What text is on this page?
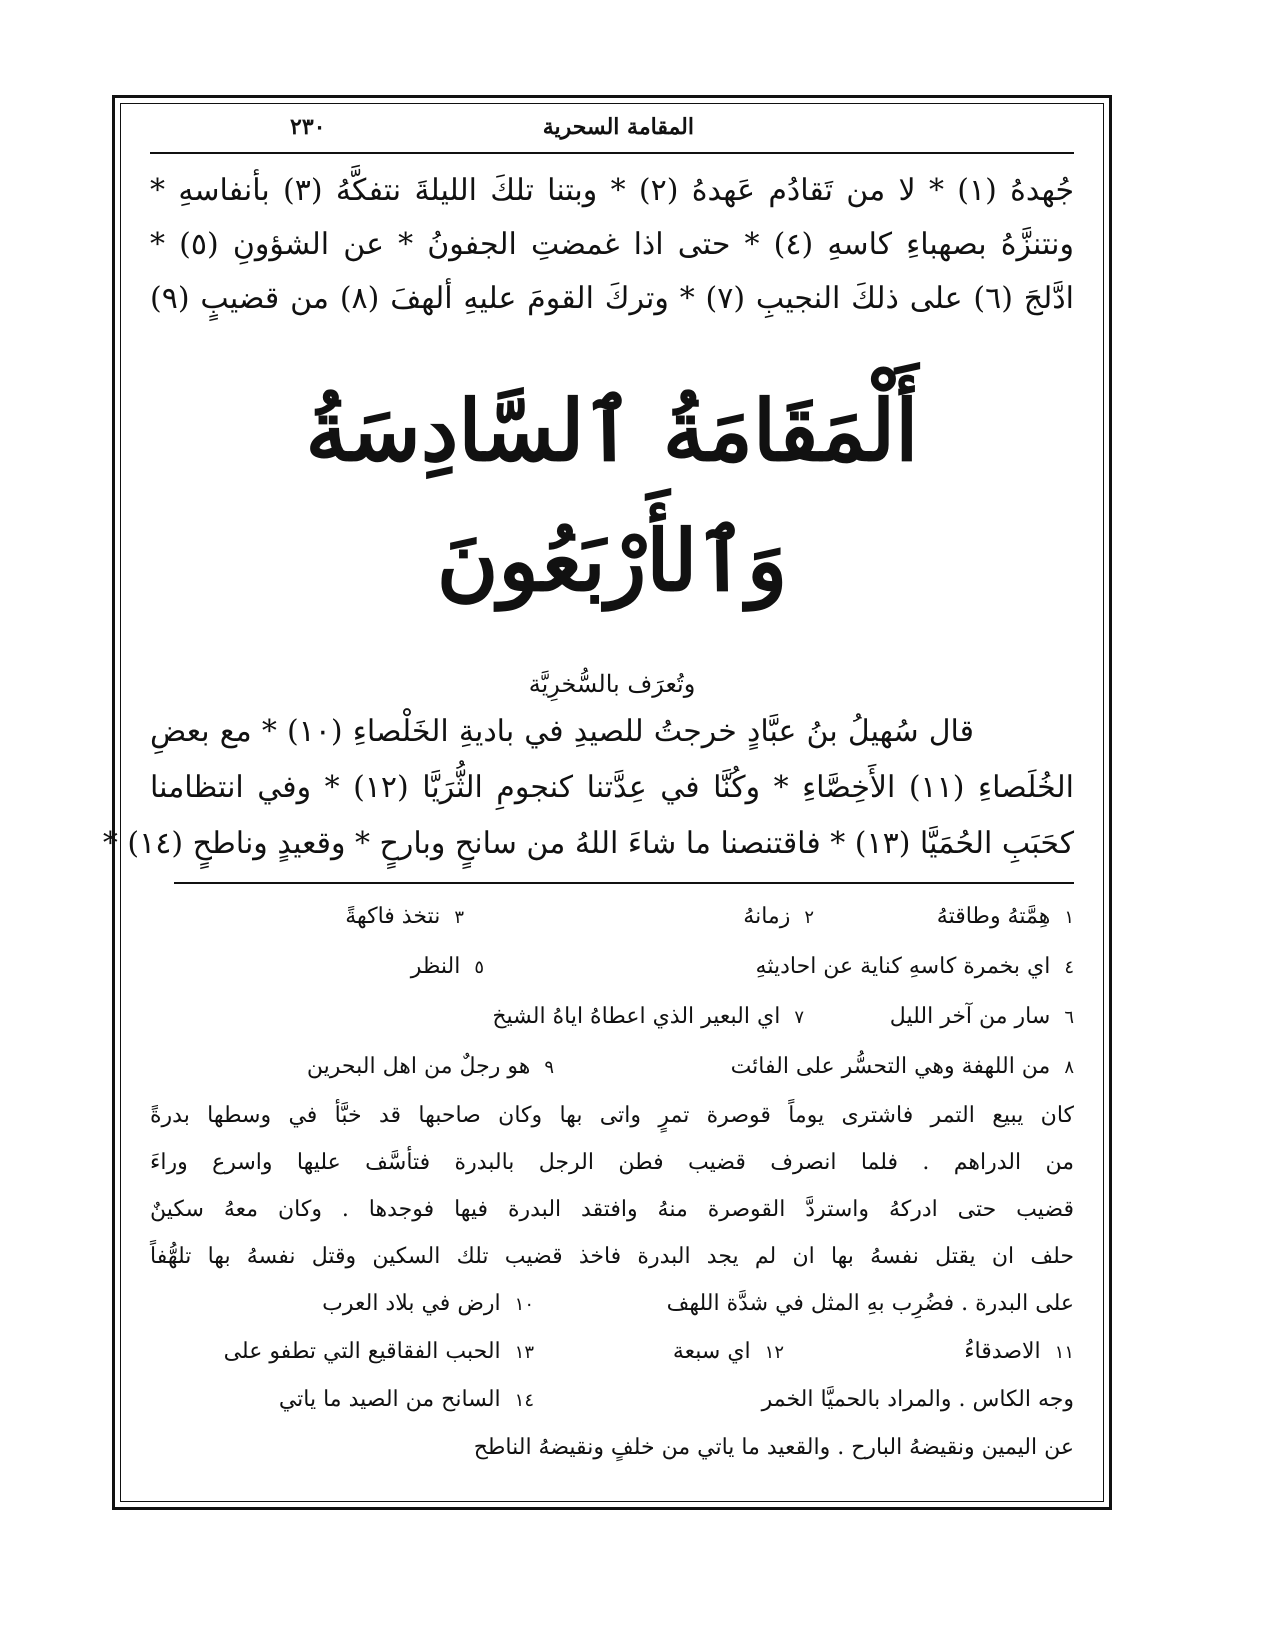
المقامة السحرية
٢٣٠
جُهدهُ (١) * لا من تَقادُم عَهدهُ (٢) * وبتنا تلكَ الليلةَ نتفكَّهُ (٣) بأنفاسهِ *
ونتنزَّهُ بصهباءِ كاسهِ (٤) * حتى اذا غمضتِ الجفونُ * عن الشؤونِ (٥) *
ادَّلجَ (٦) على ذلكَ النجيبِ (٧) * وتركَ القومَ عليهِ ألهفَ (٨) من قضيبٍ (٩)
أَلْمَقَامَةُ ٱلسَّادِسَةُ وَٱلأَرْبَعُونَ
وتُعرَف بالسُّخرِيَّة
قال سُهيلُ بنُ عبَّادٍ خرجتُ للصيدِ في باديةِ الخَلْصاءِ (١٠) * مع بعضِ
الخُلَصاءِ (١١) الأَخِصَّاءِ * وكُنَّا في عِدَّتنا كنجومِ الثُّرَيَّا (١٢) * وفي انتظامنا
كحَبَبِ الحُمَيَّا (١٣) * فاقتنصنا ما شاءَ اللهُ من سانحٍ وبارحٍ * وقعيدٍ وناطحٍ (١٤) *
١هِمَّتهُ وطاقتهُ
٢زمانهُ
٣نتخذ فاكهةً
٤اي بخمرة كاسهِ كناية عن احاديثهِ
٥النظر
٦سار من آخر الليل
٧اي البعير الذي اعطاهُ اياهُ الشيخ
٨من اللهفة وهي التحسُّر على الفائت
٩هو رجلٌ من اهل البحرين
كان يبيع التمر فاشترى يوماً قوصرة تمرٍ واتى بها وكان صاحبها قد خبَّأ في وسطها بدرةً
من الدراهم . فلما انصرف قضيب فطن الرجل بالبدرة فتأسَّف عليها واسرع وراءَ
قضيب حتى ادركهُ واستردَّ القوصرة منهُ وافتقد البدرة فيها فوجدها . وكان معهُ سكينٌ
حلف ان يقتل نفسهُ بها ان لم يجد البدرة فاخذ قضيب تلك السكين وقتل نفسهُ بها تلهُّفاً
على البدرة . فضُرِب بهِ المثل في شدَّة اللهف
١٠ارض في بلاد العرب
١١الاصدقاءُ
١٢اي سبعة
١٣الحبب الفقاقيع التي تطفو على
وجه الكاس . والمراد بالحميَّا الخمر
١٤السانح من الصيد ما ياتي
عن اليمين ونقيضهُ البارح . والقعيد ما ياتي من خلفٍ ونقيضهُ الناطح
